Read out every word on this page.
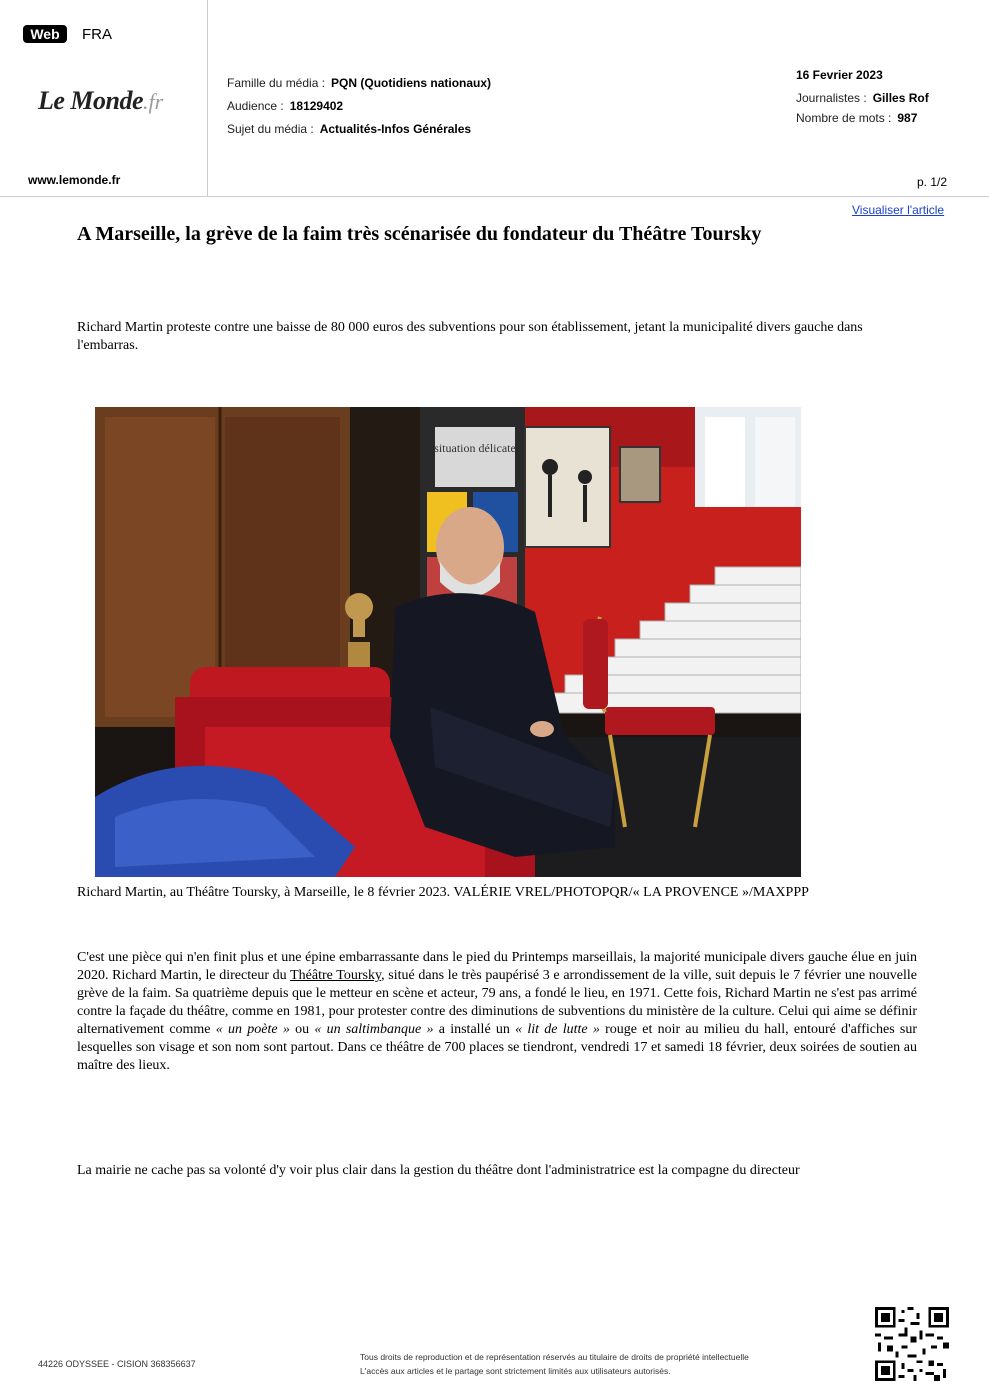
Web	FRA
Le Monde.fr
www.lemonde.fr
Famille du média : PQN (Quotidiens nationaux)
Audience : 18129402
Sujet du média : Actualités-Infos Générales
16 Fevrier 2023
Journalistes : Gilles Rof
Nombre de mots : 987
p. 1/2
Visualiser l'article
A Marseille, la grève de la faim très scénarisée du fondateur du Théâtre Toursky
Richard Martin proteste contre une baisse de 80 000 euros des subventions pour son établissement, jetant la municipalité divers gauche dans l'embarras.
situation délicate
Richard Martin, au Théâtre Toursky, à Marseille, le 8 février 2023. VALÉRIE VREL/PHOTOPQR/« LA PROVENCE »/MAXPPP
C'est une pièce qui n'en finit plus et une épine embarrassante dans le pied du Printemps marseillais, la majorité municipale divers gauche élue en juin 2020. Richard Martin, le directeur du Théâtre Toursky, situé dans le très paupérisé 3 e arrondissement de la ville, suit depuis le 7 février une nouvelle grève de la faim. Sa quatrième depuis que le metteur en scène et acteur, 79 ans, a fondé le lieu, en 1971. Cette fois, Richard Martin ne s'est pas arrimé contre la façade du théâtre, comme en 1981, pour protester contre des diminutions de subventions du ministère de la culture. Celui qui aime se définir alternativement comme « un poète » ou « un saltimbanque » a installé un « lit de lutte » rouge et noir au milieu du hall, entouré d'affiches sur lesquelles son visage et son nom sont partout. Dans ce théâtre de 700 places se tiendront, vendredi 17 et samedi 18 février, deux soirées de soutien au maître des lieux.
La mairie ne cache pas sa volonté d'y voir plus clair dans la gestion du théâtre dont l'administratrice est la compagne du directeur
44226 ODYSSEE - CISION 368356637
Tous droits de reproduction et de représentation réservés au titulaire de droits de propriété intellectuelle
L'accès aux articles et le partage sont strictement limités aux utilisateurs autorisés.
